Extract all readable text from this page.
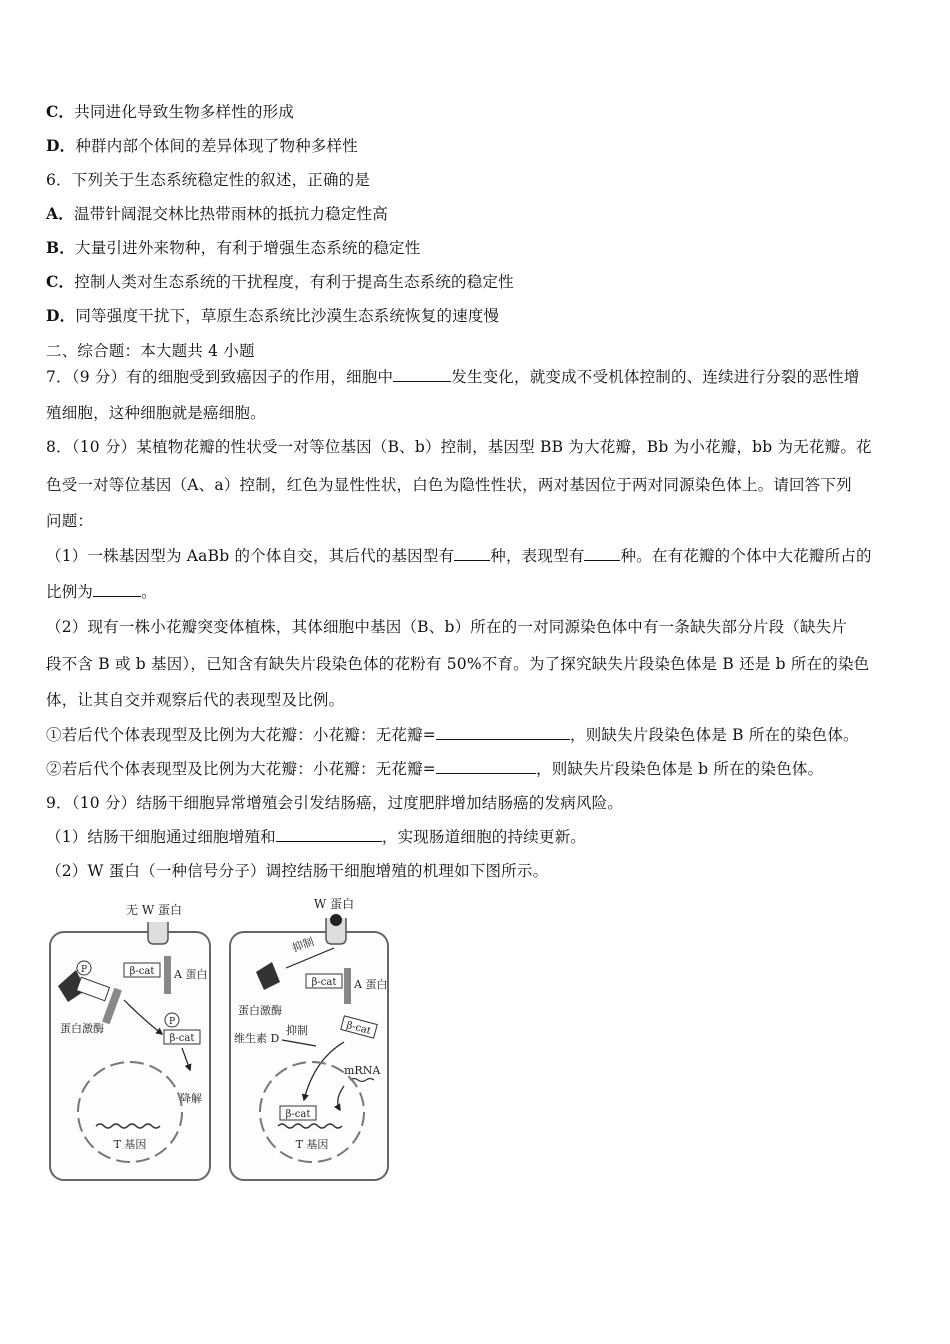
C．共同进化导致生物多样性的形成
D．种群内部个体间的差异体现了物种多样性
6．下列关于生态系统稳定性的叙述，正确的是
A．温带针阔混交林比热带雨林的抵抗力稳定性高
B．大量引进外来物种，有利于增强生态系统的稳定性
C．控制人类对生态系统的干扰程度，有利于提高生态系统的稳定性
D．同等强度干扰下，草原生态系统比沙漠生态系统恢复的速度慢
二、综合题：本大题共 4 小题
7．（9 分）有的细胞受到致癌因子的作用，细胞中	发生变化，就变成不受机体控制的、连续进行分裂的恶性增
殖细胞，这种细胞就是癌细胞。
8．（10 分）某植物花瓣的性状受一对等位基因（B、b）控制，基因型 BB 为大花瓣，Bb 为小花瓣，bb 为无花瓣。花
色受一对等位基因（A、a）控制，红色为显性性状，白色为隐性性状，两对基因位于两对同源染色体上。请回答下列
问题：
（1）一株基因型为 AaBb 的个体自交，其后代的基因型有 种，表现型有 种。在有花瓣的个体中大花瓣所占的
比例为	。
（2）现有一株小花瓣突变体植株，其体细胞中基因（B、b）所在的一对同源染色体中有一条缺失部分片段（缺失片
段不含 B 或 b 基因），已知含有缺失片段染色体的花粉有 50%不育。为了探究缺失片段染色体是 B 还是 b 所在的染色
体，让其自交并观察后代的表现型及比例。
①若后代个体表现型及比例为大花瓣：小花瓣：无花瓣=	，则缺失片段染色体是 B 所在的染色体。
②若后代个体表现型及比例为大花瓣：小花瓣：无花瓣=	，则缺失片段染色体是 b 所在的染色体。
9．（10 分）结肠干细胞异常增殖会引发结肠癌，过度肥胖增加结肠癌的发病风险。
（1）结肠干细胞通过细胞增殖和	，实现肠道细胞的持续更新。
（2）W 蛋白（一种信号分子）调控结肠干细胞增殖的机理如下图所示。
无 W 蛋白
P
蛋白激酶
β-cat A 蛋白
P
β-cat
降解
T 基因
W 蛋白
抑制
蛋白激酶
β-cat A 蛋白
维生素 D
抑制	β-cat
mRNA
β-cat
T 基因
